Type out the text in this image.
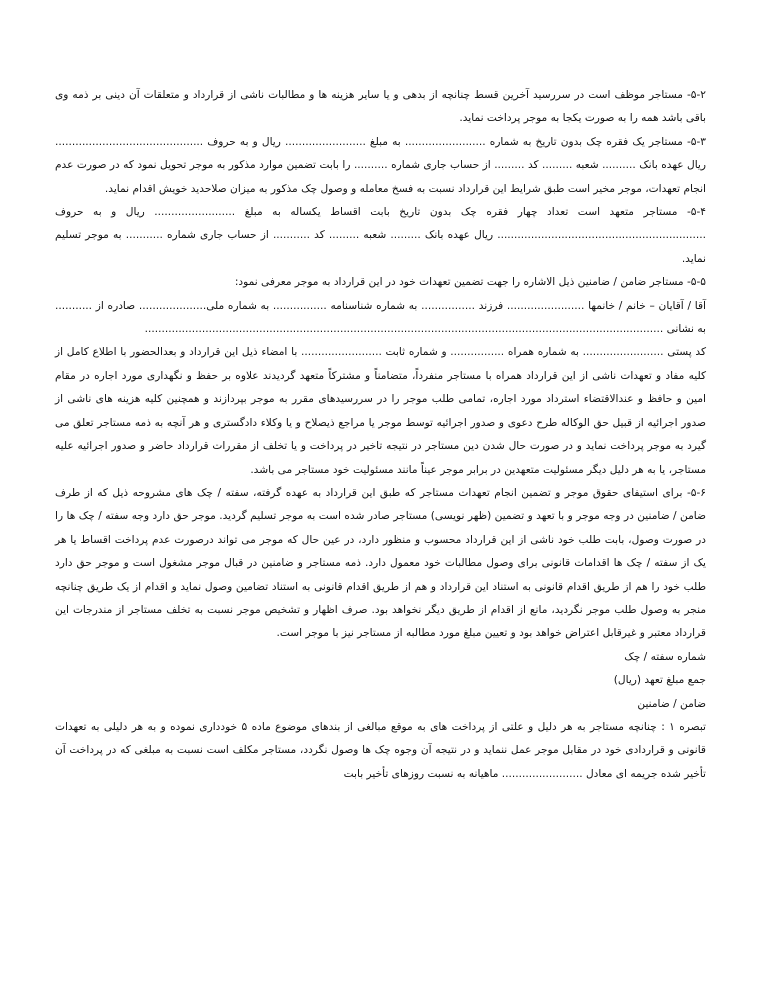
۵-۲- مستاجر موظف است در سررسید آخرین قسط چنانچه از بدهی و یا سایر هزینه ها و مطالبات ناشی از قرارداد و متعلقات آن دینی بر ذمه وی باقی باشد همه را به صورت یکجا به موجر پرداخت نماید.

۵-۳- مستاجر یک فقره چک بدون تاریخ به شماره ........................ به مبلغ ........................ ریال و به حروف ............................................ ریال عهده بانک .......... شعبه ......... کد ......... از حساب جاری شماره .......... را بابت تضمین موارد مذکور به موجر تحویل نمود که در صورت عدم انجام تعهدات، موجر مخیر است طبق شرایط این قرارداد نسبت به فسخ معامله و وصول چک مذکور به میزان صلاحدید خویش اقدام نماید.

۵-۴- مستاجر متعهد است تعداد چهار فقره چک بدون تاریخ بابت اقساط یکساله به مبلغ ........................ ریال و به حروف .............................................................. ریال عهده بانک ......... شعبه ......... کد ........... از حساب جاری شماره ........... به موجر تسلیم نماید.

۵-۵- مستاجر ضامن / ضامنین ذیل الاشاره را جهت تضمین تعهدات خود در این قرارداد به موجر معرفی نمود:

آقا / آقایان – خانم / خانمها ....................... فرزند ................ به شماره شناسنامه ................ به شماره ملی.................... صادره از ........... به نشانی ..........................................................................................................................................................

کد پستی ........................ به شماره همراه ................ و شماره ثابت ........................ با امضاء ذیل این قرارداد و بعدالحضور با اطلاع کامل از کلیه مفاد و تعهدات ناشی از این قرارداد همراه با مستاجر منفرداً، متضامناً و مشترکاً متعهد گردیدند علاوه بر حفظ و نگهداری مورد اجاره در مقام امین و حافظ و عندالاقتضاء استرداد مورد اجاره، تمامی طلب موجر را در سررسیدهای مقرر به موجر بپردازند و همچنین کلیه هزینه های ناشی از صدور اجرائیه از قبیل حق الوکاله طرح دعوی و صدور اجرائیه توسط موجر یا مراجع ذیصلاح و یا وکلاء دادگستری و هر آنچه به ذمه مستاجر تعلق می گیرد به موجر پرداخت نماید و در صورت حال شدن دین مستاجر در نتیجه تاخیر در پرداخت و یا تخلف از مقررات قرارداد حاضر و صدور اجرائیه علیه مستاجر، یا به هر دلیل دیگر مسئولیت متعهدین در برابر موجر عیناً مانند مسئولیت خود مستاجر می باشد.

۵-۶- برای استیفای حقوق موجر و تضمین انجام تعهدات مستاجر که طبق این قرارداد به عهده گرفته، سفته / چک های مشروحه ذیل که از طرف ضامن / ضامنین در وجه موجر و با تعهد و تضمین (ظهر نویسی) مستاجر صادر شده است به موجر تسلیم گردید. موجر حق دارد وجه سفته / چک ها را در صورت وصول، بابت طلب خود ناشی از این قرارداد محسوب و منظور دارد، در عین حال که موجر می تواند درصورت عدم پرداخت اقساط یا هر یک از سفته / چک ها اقدامات قانونی برای وصول مطالبات خود معمول دارد. ذمه مستاجر و ضامنین در قبال موجر مشغول است و موجر حق دارد طلب خود را هم از طریق اقدام قانونی به استناد این قرارداد و هم از طریق اقدام قانونی به استناد تضامین وصول نماید و اقدام از یک طریق چنانچه منجر به وصول طلب موجر نگردید، مانع از اقدام از طریق دیگر نخواهد بود. صرف اظهار و تشخیص موجر نسبت به تخلف مستاجر از مندرجات این قرارداد معتبر و غیرقابل اعتراض خواهد بود و تعیین مبلغ مورد مطالبه از مستاجر نیز با موجر است.

شماره سفته / چک

جمع مبلغ تعهد (ریال)

ضامن / ضامنین

تبصره ۱ : چنانچه مستاجر به هر دلیل و علتی از پرداخت های به موقع مبالغی از بندهای موضوع ماده ۵ خودداری نموده و به هر دلیلی به تعهدات قانونی و قراردادی خود در مقابل موجر عمل ننماید و در نتیجه آن وجوه چک ها وصول نگردد، مستاجر مکلف است نسبت به مبلغی که در پرداخت آن تأخیر شده جریمه ای معادل ........................ ماهیانه به نسبت روزهای تأخیر بابت
